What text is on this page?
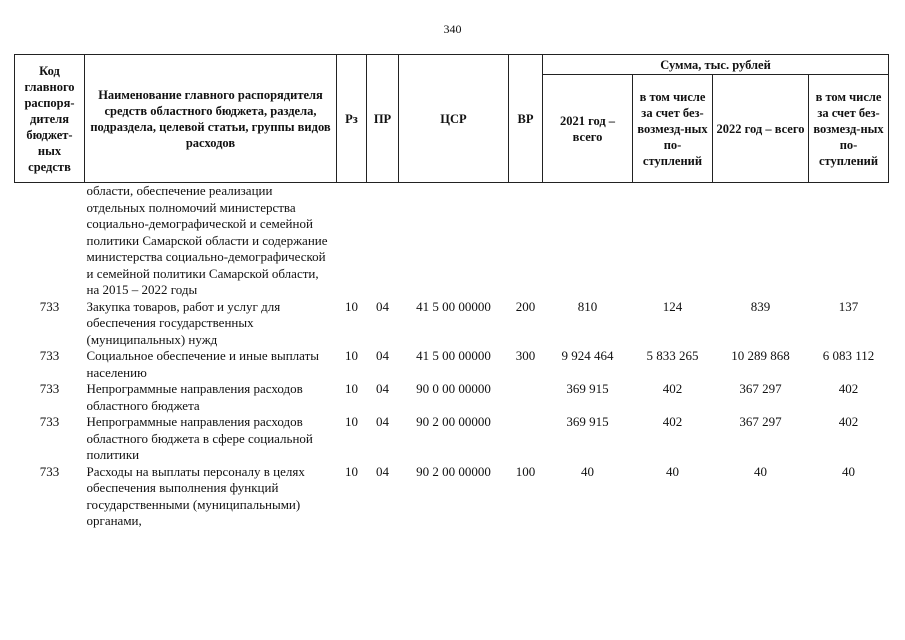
340
Код главного распоря-дителя бюджет-ных средств	Наименование главного распорядителя средств областного бюджета, раздела, подраздела, целевой статьи, группы видов расходов	Рз	ПР	ЦСР	ВР	Сумма, тыс. рублей			
						2021 год – всего	в том числе за счет без-возмезд-ных по-ступлений	2022 год – всего	в том числе за счет без-возмезд-ных по-ступлений
	области, обеспечение реализации отдельных полномочий министерства социально-демографической и семейной политики Самарской области и содержание министерства социально-демографической и семейной политики Самарской области, на 2015 – 2022 годы								
733	Закупка товаров, работ и услуг для обеспечения государственных (муниципальных) нужд	10	04	41 5 00 00000	200	810	124	839	137
733	Социальное обеспечение и иные выплаты населению	10	04	41 5 00 00000	300	9 924 464	5 833 265	10 289 868	6 083 112
733	Непрограммные направления расходов областного бюджета	10	04	90 0 00 00000		369 915	402	367 297	402
733	Непрограммные направления расходов областного бюджета в сфере социальной политики	10	04	90 2 00 00000		369 915	402	367 297	402
733	Расходы на выплаты персоналу в целях обеспечения выполнения функций государственными (муниципальными) органами,	10	04	90 2 00 00000	100	40	40	40	40
